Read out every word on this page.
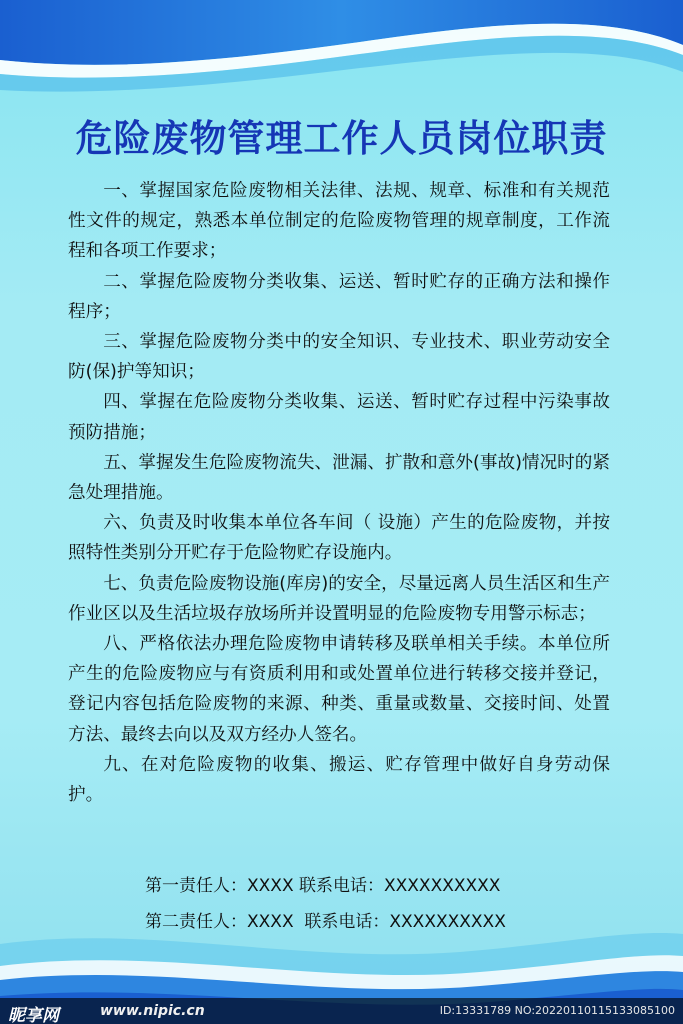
危险废物管理工作人员岗位职责

一、掌握国家危险废物相关法律、法规、规章、标准和有关规范性文件的规定，熟悉本单位制定的危险废物管理的规章制度，工作流程和各项工作要求；

二、掌握危险废物分类收集、运送、暂时贮存的正确方法和操作程序；

三、掌握危险废物分类中的安全知识、专业技术、职业劳动安全防(保)护等知识；

四、掌握在危险废物分类收集、运送、暂时贮存过程中污染事故预防措施；

五、掌握发生危险废物流失、泄漏、扩散和意外(事故)情况时的紧急处理措施。

六、负责及时收集本单位各车间（ 设施）产生的危险废物，并按照特性类别分开贮存于危险物贮存设施内。

七、负责危险废物设施(库房)的安全，尽量远离人员生活区和生产作业区以及生活垃圾存放场所并设置明显的危险废物专用警示标志；

八、严格依法办理危险废物申请转移及联单相关手续。本单位所产生的危险废物应与有资质利用和或处置单位进行转移交接并登记，登记内容包括危险废物的来源、种类、重量或数量、交接时间、处置方法、最终去向以及双方经办人签名。

九、在对危险废物的收集、搬运、贮存管理中做好自身劳动保护。

第一责任人：XXXX 联系电话：XXXXXXXXXX
第二责任人：XXXX  联系电话：XXXXXXXXXX
昵享网	www.nipic.cn	ID:13331789 NO:20220110115133085100
